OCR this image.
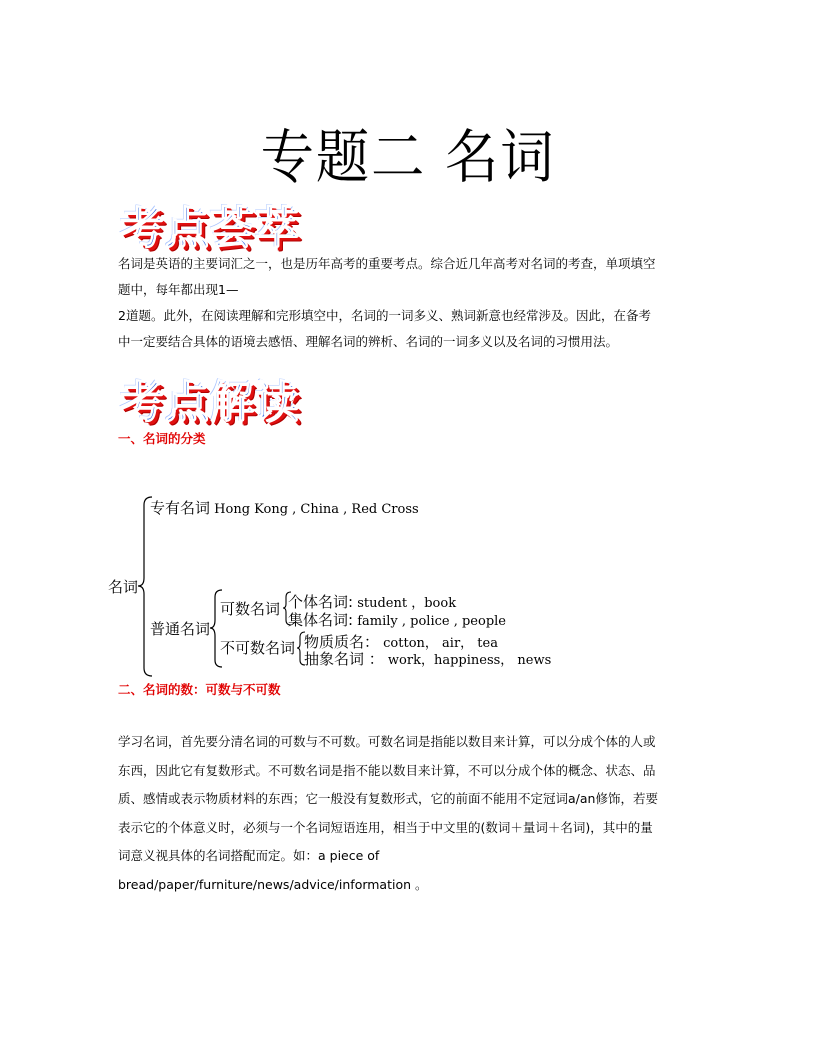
专题二 名词
考点荟萃
名词是英语的主要词汇之一，也是历年高考的重要考点。综合近几年高考对名词的考查，单项填空
题中，每年都出现1—
2道题。此外，在阅读理解和完形填空中，名词的一词多义、熟词新意也经常涉及。因此，在备考
中一定要结合具体的语境去感悟、理解名词的辨析、名词的一词多义以及名词的习惯用法。
考点解读
一、名词的分类
名词
专有名词 Hong Kong , China , Red Cross
普通名词
可数名词
不可数名词
个体名词: student ，book
集体名词: family , police , people
物质质名： cotton， air， tea
抽象名词 ： work，happiness， news
二、名词的数：可数与不可数
学习名词，首先要分清名词的可数与不可数。可数名词是指能以数目来计算，可以分成个体的人或
东西，因此它有复数形式。不可数名词是指不能以数目来计算，不可以分成个体的概念、状态、品
质、感情或表示物质材料的东西；它一般没有复数形式，它的前面不能用不定冠词a/an修饰，若要
表示它的个体意义时，必须与一个名词短语连用，相当于中文里的(数词＋量词＋名词)，其中的量
词意义视具体的名词搭配而定。如：a piece of
bread/paper/furniture/news/advice/information 。
